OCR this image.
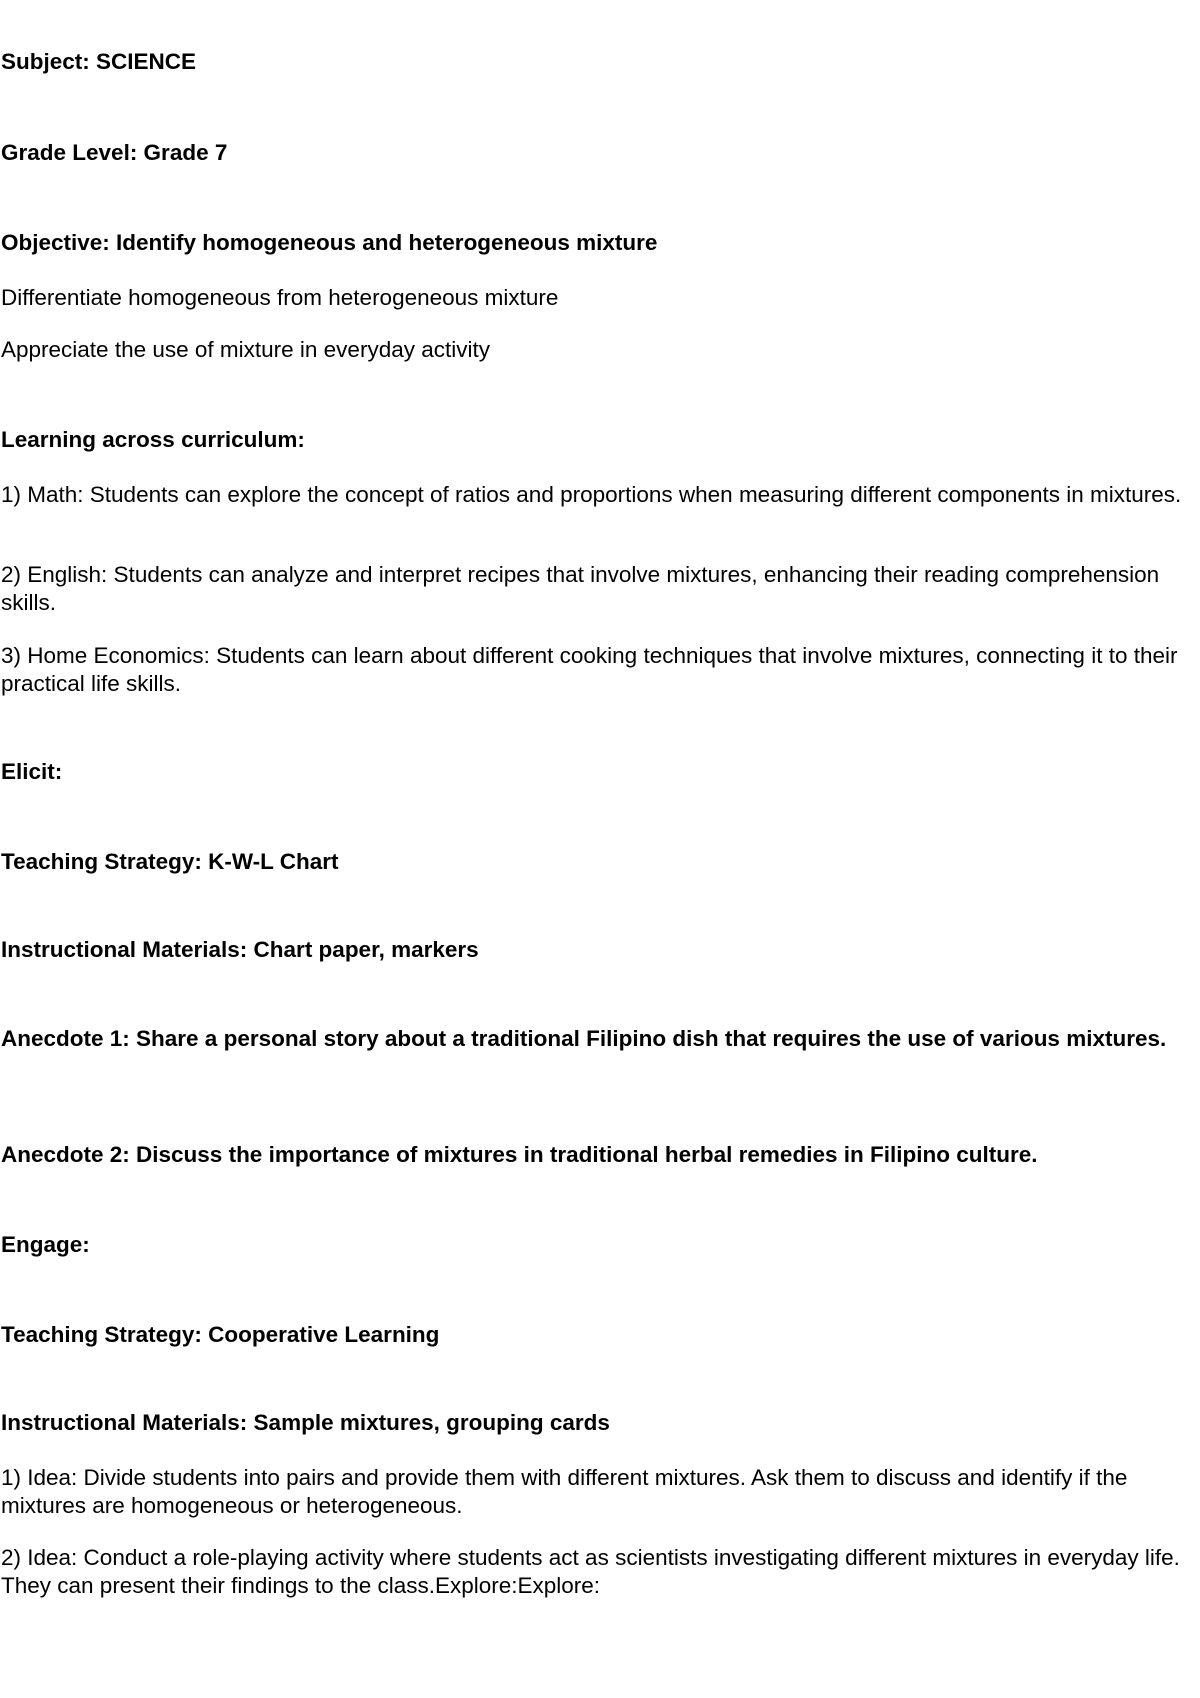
Subject: SCIENCE

Grade Level: Grade 7

Objective: Identify homogeneous and heterogeneous mixture

Differentiate homogeneous from heterogeneous mixture

Appreciate the use of mixture in everyday activity

Learning across curriculum:

1) Math: Students can explore the concept of ratios and proportions when measuring different components in mixtures.

2) English: Students can analyze and interpret recipes that involve mixtures, enhancing their reading comprehension skills.

3) Home Economics: Students can learn about different cooking techniques that involve mixtures, connecting it to their practical life skills.

Elicit:

Teaching Strategy: K-W-L Chart

Instructional Materials: Chart paper, markers

Anecdote 1: Share a personal story about a traditional Filipino dish that requires the use of various mixtures.

Anecdote 2: Discuss the importance of mixtures in traditional herbal remedies in Filipino culture.

Engage:

Teaching Strategy: Cooperative Learning

Instructional Materials: Sample mixtures, grouping cards

1) Idea: Divide students into pairs and provide them with different mixtures. Ask them to discuss and identify if the mixtures are homogeneous or heterogeneous.

2) Idea: Conduct a role-playing activity where students act as scientists investigating different mixtures in everyday life. They can present their findings to the class.Explore:Explore:
